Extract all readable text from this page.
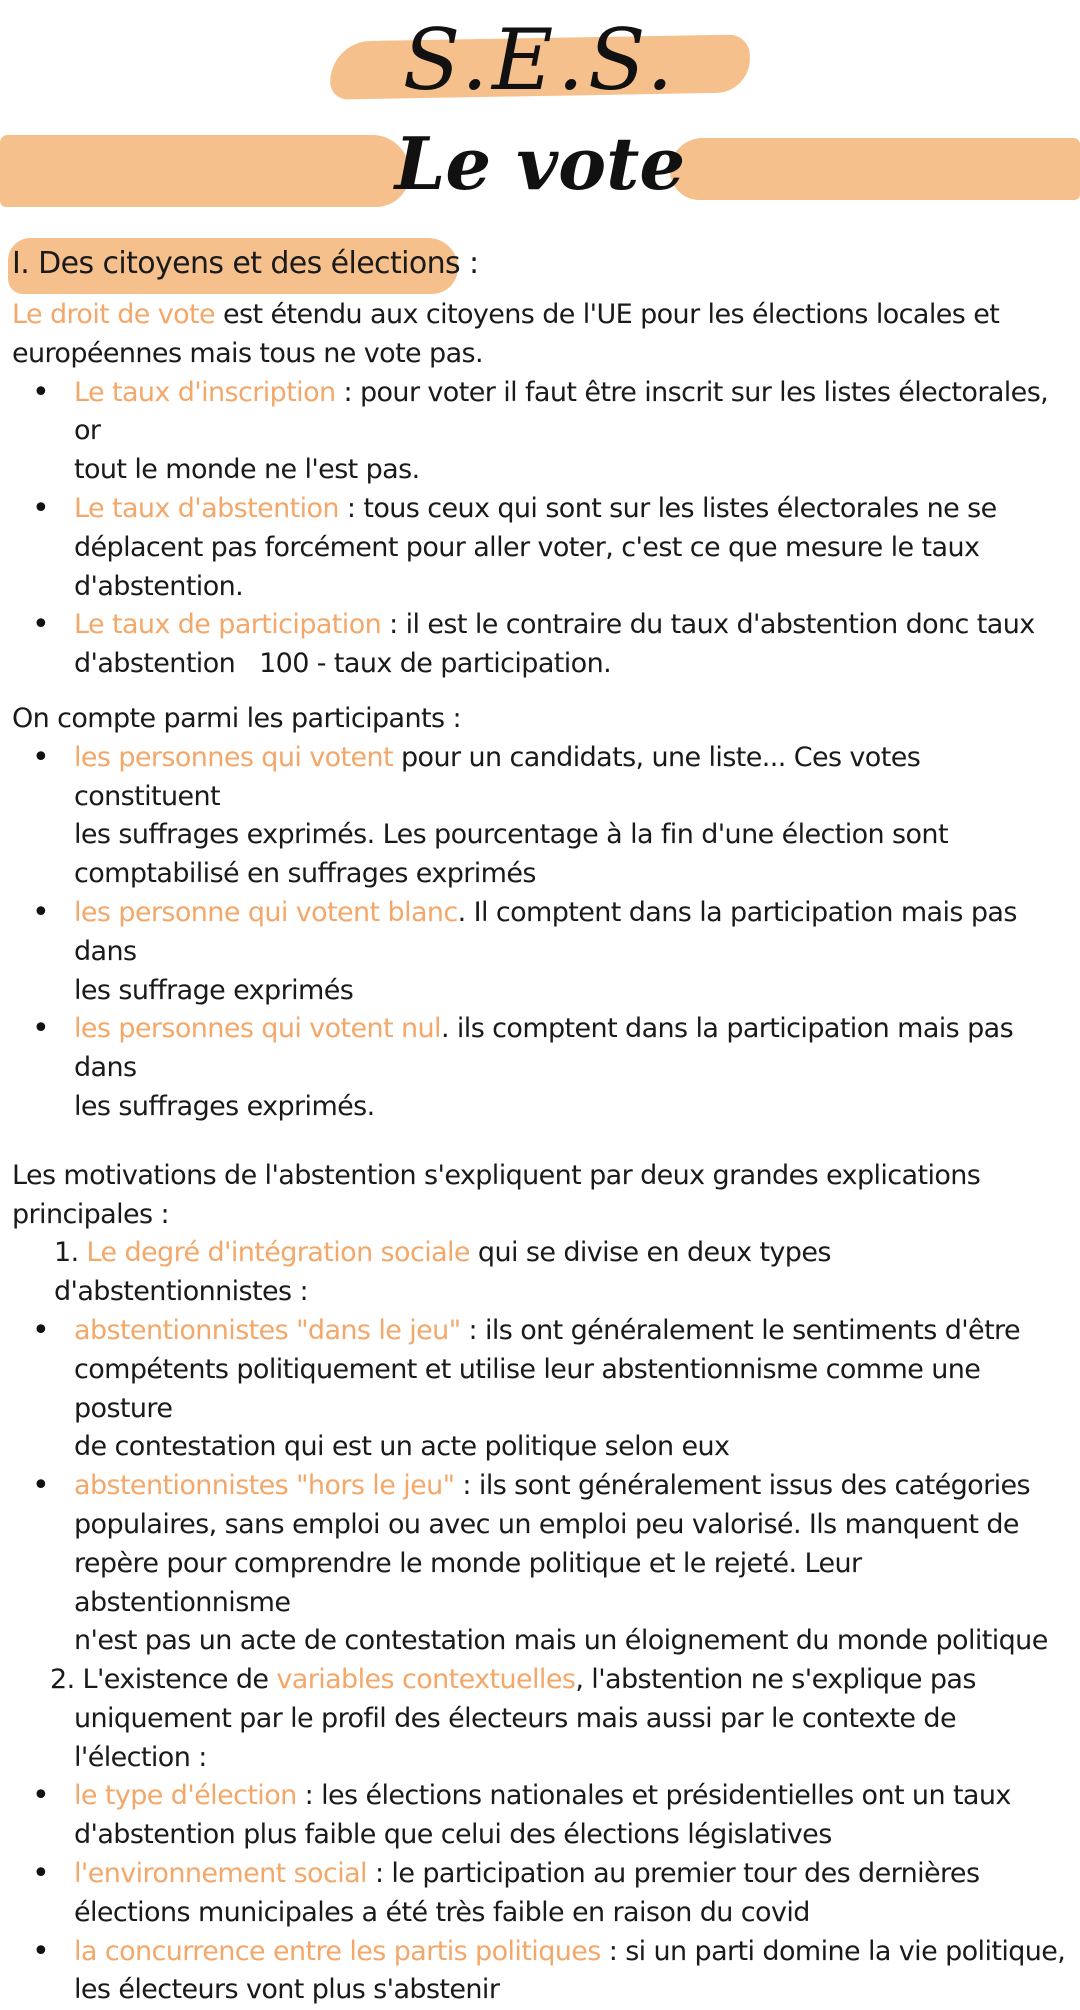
S.E.S.
Le vote

I. Des citoyens et des élections :

Le droit de vote est étendu aux citoyens de l'UE pour les élections locales et
européennes mais tous ne vote pas.

• Le taux d'inscription : pour voter il faut être inscrit sur les listes électorales, or
tout le monde ne l'est pas.
• Le taux d'abstention : tous ceux qui sont sur les listes électorales ne se
déplacent pas forcément pour aller voter, c'est ce que mesure le taux
d'abstention.
• Le taux de participation : il est le contraire du taux d'abstention donc taux
d'abstention   100 - taux de participation.

On compte parmi les participants :

• les personnes qui votent pour un candidats, une liste... Ces votes constituent
les suffrages exprimés. Les pourcentage à la fin d'une élection sont
comptabilisé en suffrages exprimés
• les personne qui votent blanc. Il comptent dans la participation mais pas dans
les suffrage exprimés
• les personnes qui votent nul. ils comptent dans la participation mais pas dans
les suffrages exprimés.

Les motivations de l'abstention s'expliquent par deux grandes explications
principales :

1. Le degré d'intégration sociale qui se divise en deux types d'abstentionnistes :

• abstentionnistes "dans le jeu" : ils ont généralement le sentiments d'être
compétents politiquement et utilise leur abstentionnisme comme une posture
de contestation qui est un acte politique selon eux
• abstentionnistes "hors le jeu" : ils sont généralement issus des catégories
populaires, sans emploi ou avec un emploi peu valorisé. Ils manquent de
repère pour comprendre le monde politique et le rejeté. Leur abstentionnisme
n'est pas un acte de contestation mais un éloignement du monde politique

2. L'existence de variables contextuelles, l'abstention ne s'explique pas

uniquement par le profil des électeurs mais aussi par le contexte de l'élection :

• le type d'élection : les élections nationales et présidentielles ont un taux
d'abstention plus faible que celui des élections législatives
• l'environnement social : le participation au premier tour des dernières
élections municipales a été très faible en raison du covid
• la concurrence entre les partis politiques : si un parti domine la vie politique,
les électeurs vont plus s'abstenir
